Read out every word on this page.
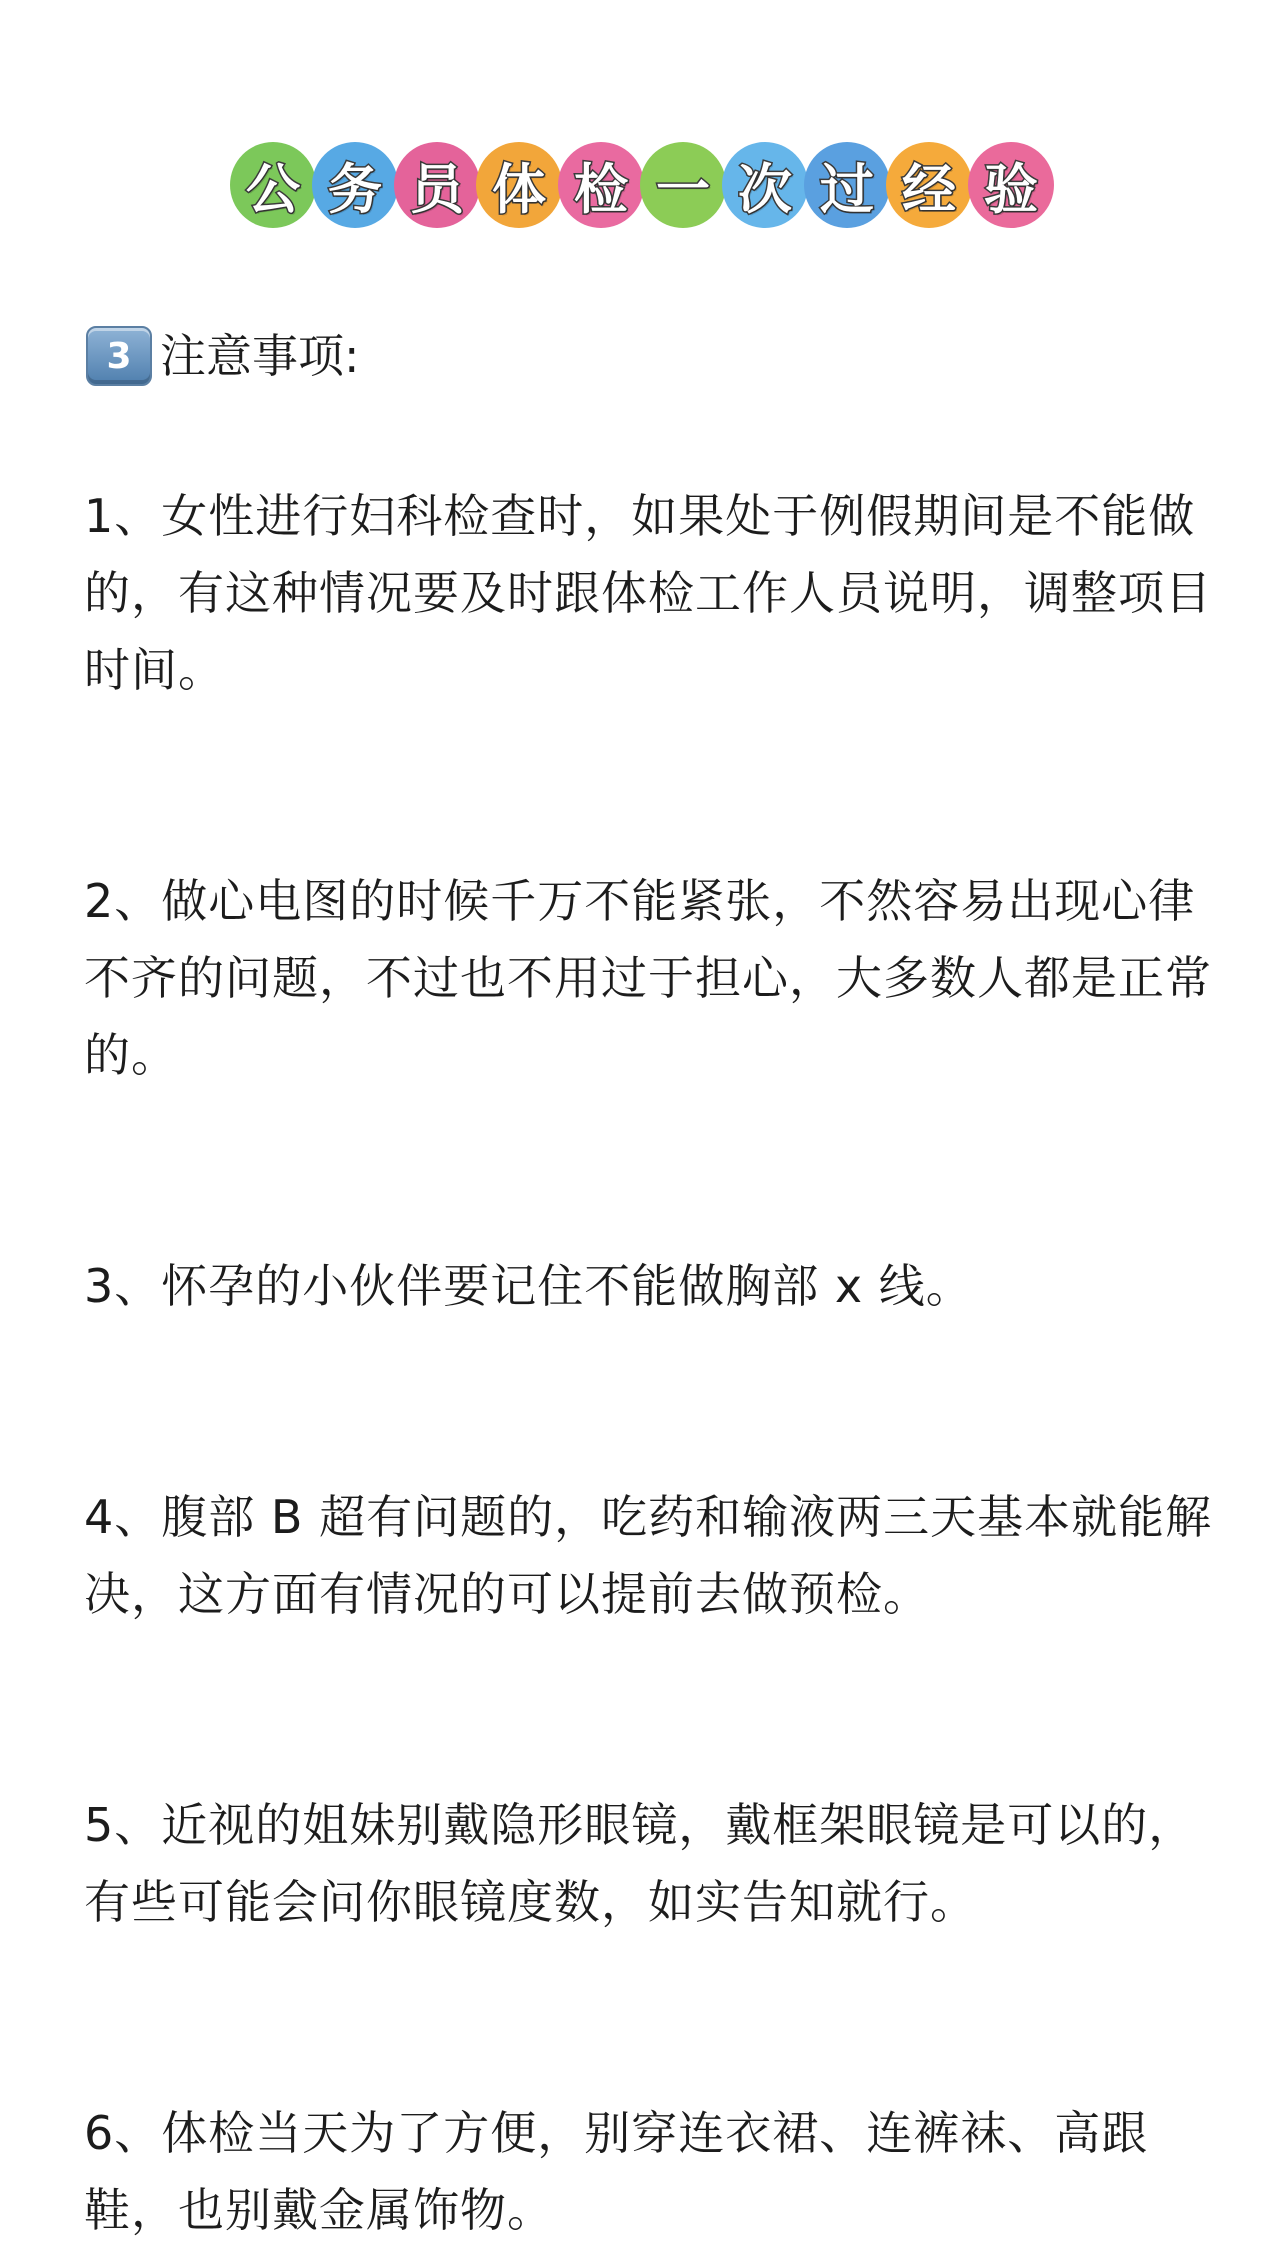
公 务 员 体 检 一 次 过 经 验
3 注意事项:

1、女性进行妇科检查时，如果处于例假期间是不能做的，有这种情况要及时跟体检工作人员说明，调整项目时间。

2、做心电图的时候千万不能紧张，不然容易出现心律不齐的问题，不过也不用过于担心，大多数人都是正常的。

3、怀孕的小伙伴要记住不能做胸部 x 线。

4、腹部 B 超有问题的，吃药和输液两三天基本就能解决，这方面有情况的可以提前去做预检。

5、近视的姐妹别戴隐形眼镜，戴框架眼镜是可以的，有些可能会问你眼镜度数，如实告知就行。

6、体检当天为了方便，别穿连衣裙、连裤袜、高跟鞋，也别戴金属饰物。
